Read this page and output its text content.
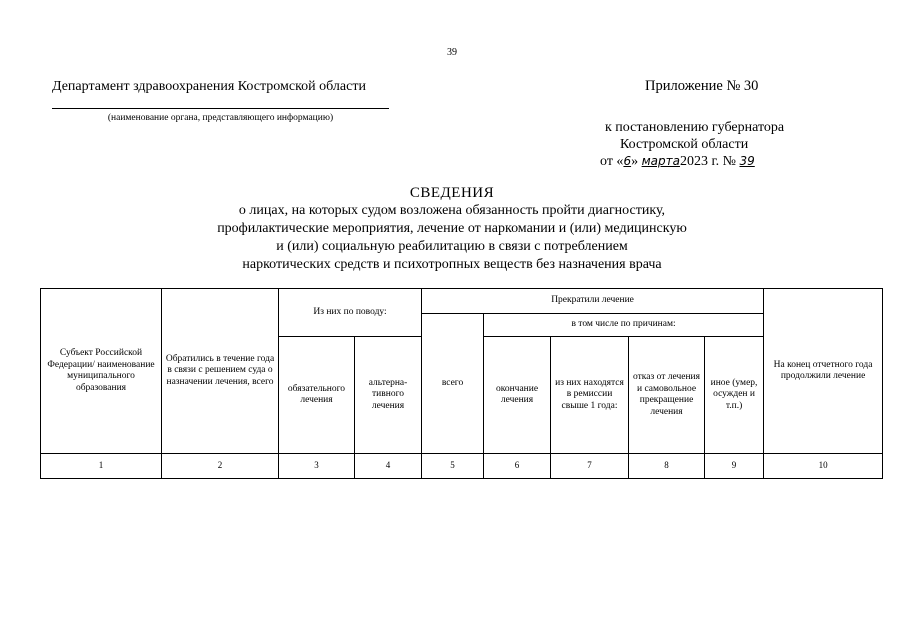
39
Департамент здравоохранения Костромской области
(наименование органа, представляющего информацию)
Приложение № 30
к постановлению губернатора
Костромской области
от «6» марта2023 г. № 39
СВЕДЕНИЯ
о лицах, на которых судом возложена обязанность пройти диагностику,
профилактические мероприятия, лечение от наркомании и (или) медицинскую
и (или) социальную реабилитацию в связи с потреблением
наркотических средств и психотропных веществ без назначения врача
Субъект Российской Федерации/ наименование муниципального образования	Обратились в течение года в связи с решением суда о назначении лечения, всего	Из них по поводу:		Прекратили лечение					На конец отчетного года продолжили лечение
				всего	в том числе по причинам:				
		обязательного лечения	альтерна-тивного лечения		окончание лечения	из них находятся в ремиссии свыше 1 года:	отказ от лечения и самовольное прекращение лечения	иное (умер, осужден и т.п.)	
1	2	3	4	5	6	7	8	9	10
